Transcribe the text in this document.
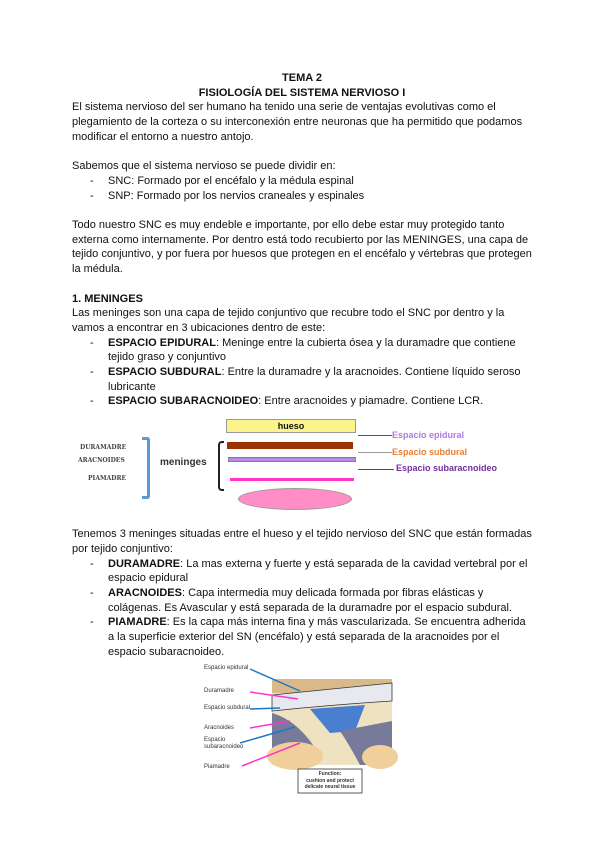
TEMA 2

FISIOLOGÍA DEL SISTEMA NERVIOSO I

El sistema nervioso del ser humano ha tenido una serie de ventajas evolutivas como el plegamiento de la corteza o su interconexión entre neuronas que ha permitido que podamos modificar el entorno a nuestro antojo.

Sabemos que el sistema nervioso se puede dividir en:

- SNC: Formado por el encéfalo y la médula espinal
- SNP: Formado por los nervios craneales y espinales

Todo nuestro SNC es muy endeble e importante, por ello debe estar muy protegido tanto externa como internamente. Por dentro está todo recubierto por las MENINGES, una capa de tejido conjuntivo, y por fuera por huesos que protegen en el encéfalo y vértebras que protegen la médula.

1. MENINGES

Las meninges son una capa de tejido conjuntivo que recubre todo el SNC por dentro y la vamos a encontrar en 3 ubicaciones dentro de este:

- ESPACIO EPIDURAL: Meninge entre la cubierta ósea y la duramadre que contiene tejido graso y conjuntivo
- ESPACIO SUBDURAL: Entre la duramadre y la aracnoides. Contiene líquido seroso lubricante
- ESPACIO SUBARACNOIDEO: Entre aracnoides y piamadre. Contiene LCR.
DURAMADRE
ARACNOIDES
PIAMADRE
meninges
hueso
Espacio epidural
Espacio subdural
Espacio subaracnoideo

Tenemos 3 meninges situadas entre el hueso y el tejido nervioso del SNC que están formadas por tejido conjuntivo:

- DURAMADRE: La mas externa y fuerte y está separada de la cavidad vertebral por el espacio epidural
- ARACNOIDES: Capa intermedia muy delicada formada por fibras elásticas y colágenas. Es Avascular y está separada de la duramadre por el espacio subdural.
- PIAMADRE: Es la capa más interna fina y más vascularizada. Se encuentra adherida a la superficie exterior del SN (encéfalo) y está separada de la aracnoides por el espacio subaracnoideo.
Espacio epidural
Duramadre
Espacio subdural
Aracnoides
Espacio subaracnoideo
Piamadre
Function:
cushion and protect delicate neural tissue
